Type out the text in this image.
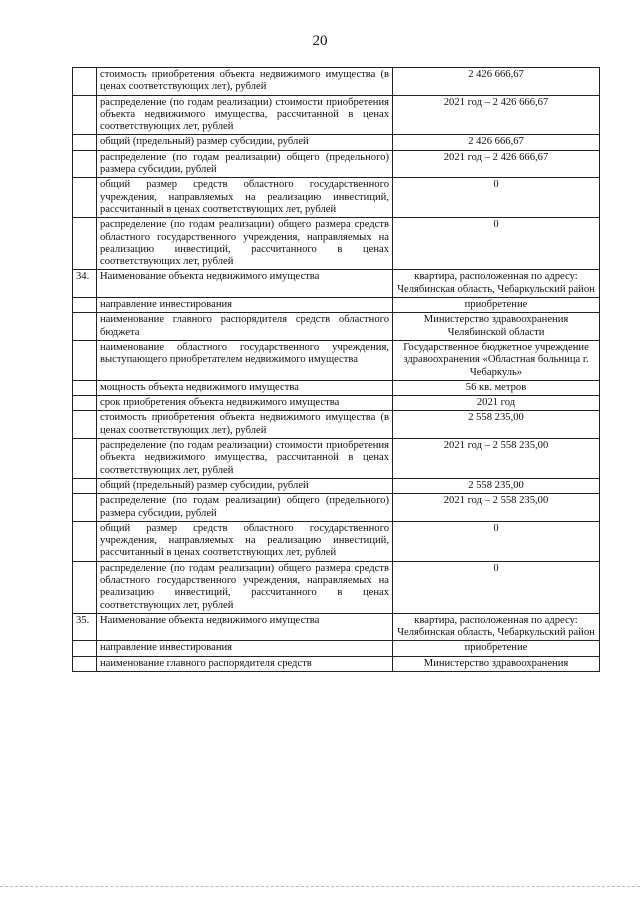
20
	стоимость приобретения объекта недвижимого имущества (в ценах соответствующих лет), рублей	2 426 666,67
	распределение (по годам реализации) стоимости приобретения объекта недвижимого имущества, рассчитанной в ценах соответствующих лет, рублей	2021 год – 2 426 666,67
	общий (предельный) размер субсидии, рублей	2 426 666,67
	распределение (по годам реализации) общего (предельного) размера субсидии, рублей	2021 год – 2 426 666,67
	общий размер средств областного государственного учреждения, направляемых на реализацию инвестиций, рассчитанный в ценах соответствующих лет, рублей	0
	распределение (по годам реализации) общего размера средств областного государственного учреждения, направляемых на реализацию инвестиций, рассчитанного в ценах соответствующих лет, рублей	0
34.	Наименование объекта недвижимого имущества	квартира, расположенная по адресу: Челябинская область, Чебаркульский район
	направление инвестирования	приобретение
	наименование главного распорядителя средств областного бюджета	Министерство здравоохранения Челябинской области
	наименование областного государственного учреждения, выступающего приобретателем недвижимого имущества	Государственное бюджетное учреждение здравоохранения «Областная больница г. Чебаркуль»
	мощность объекта недвижимого имущества	56 кв. метров
	срок приобретения объекта недвижимого имущества	2021 год
	стоимость приобретения объекта недвижимого имущества (в ценах соответствующих лет), рублей	2 558 235,00
	распределение (по годам реализации) стоимости приобретения объекта недвижимого имущества, рассчитанной в ценах соответствующих лет, рублей	2021 год – 2 558 235,00
	общий (предельный) размер субсидии, рублей	2 558 235,00
	распределение (по годам реализации) общего (предельного) размера субсидии, рублей	2021 год – 2 558 235,00
	общий размер средств областного государственного учреждения, направляемых на реализацию инвестиций, рассчитанный в ценах соответствующих лет, рублей	0
	распределение (по годам реализации) общего размера средств областного государственного учреждения, направляемых на реализацию инвестиций, рассчитанного в ценах соответствующих лет, рублей	0
35.	Наименование объекта недвижимого имущества	квартира, расположенная по адресу: Челябинская область, Чебаркульский район
	направление инвестирования	приобретение
	наименование главного распорядителя средств	Министерство здравоохранения
